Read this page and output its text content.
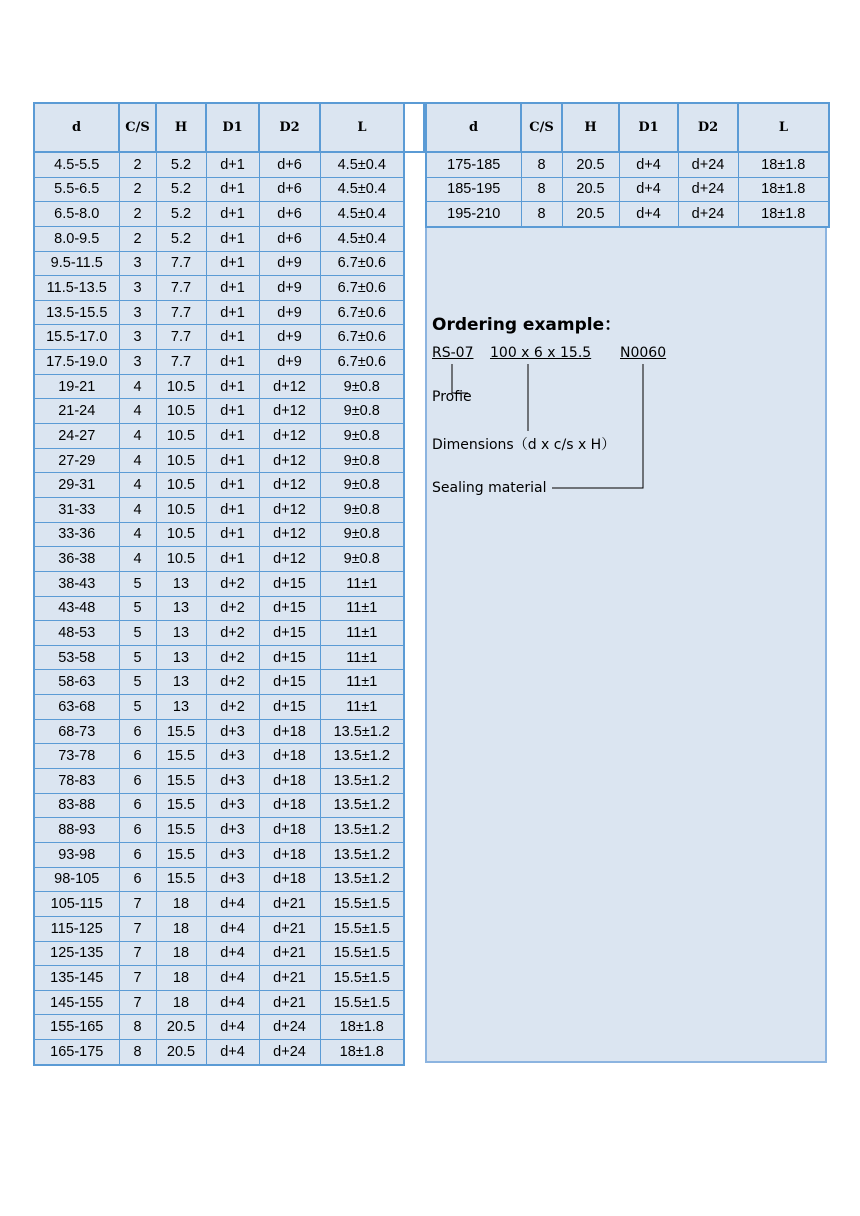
d	C/S	H	D1	D2	L
4.5-5.5	2	5.2	d+1	d+6	4.5±0.4
5.5-6.5	2	5.2	d+1	d+6	4.5±0.4
6.5-8.0	2	5.2	d+1	d+6	4.5±0.4
8.0-9.5	2	5.2	d+1	d+6	4.5±0.4
9.5-11.5	3	7.7	d+1	d+9	6.7±0.6
11.5-13.5	3	7.7	d+1	d+9	6.7±0.6
13.5-15.5	3	7.7	d+1	d+9	6.7±0.6
15.5-17.0	3	7.7	d+1	d+9	6.7±0.6
17.5-19.0	3	7.7	d+1	d+9	6.7±0.6
19-21	4	10.5	d+1	d+12	9±0.8
21-24	4	10.5	d+1	d+12	9±0.8
24-27	4	10.5	d+1	d+12	9±0.8
27-29	4	10.5	d+1	d+12	9±0.8
29-31	4	10.5	d+1	d+12	9±0.8
31-33	4	10.5	d+1	d+12	9±0.8
33-36	4	10.5	d+1	d+12	9±0.8
36-38	4	10.5	d+1	d+12	9±0.8
38-43	5	13	d+2	d+15	11±1
43-48	5	13	d+2	d+15	11±1
48-53	5	13	d+2	d+15	11±1
53-58	5	13	d+2	d+15	11±1
58-63	5	13	d+2	d+15	11±1
63-68	5	13	d+2	d+15	11±1
68-73	6	15.5	d+3	d+18	13.5±1.2
73-78	6	15.5	d+3	d+18	13.5±1.2
78-83	6	15.5	d+3	d+18	13.5±1.2
83-88	6	15.5	d+3	d+18	13.5±1.2
88-93	6	15.5	d+3	d+18	13.5±1.2
93-98	6	15.5	d+3	d+18	13.5±1.2
98-105	6	15.5	d+3	d+18	13.5±1.2
105-115	7	18	d+4	d+21	15.5±1.5
115-125	7	18	d+4	d+21	15.5±1.5
125-135	7	18	d+4	d+21	15.5±1.5
135-145	7	18	d+4	d+21	15.5±1.5
145-155	7	18	d+4	d+21	15.5±1.5
155-165	8	20.5	d+4	d+24	18±1.8
165-175	8	20.5	d+4	d+24	18±1.8
d	C/S	H	D1	D2	L
175-185	8	20.5	d+4	d+24	18±1.8
185-195	8	20.5	d+4	d+24	18±1.8
195-210	8	20.5	d+4	d+24	18±1.8
Ordering example：
RS-07 100 x 6 x 15.5 N0060
Profie
Dimensions（d x c/s x H）
Sealing material
